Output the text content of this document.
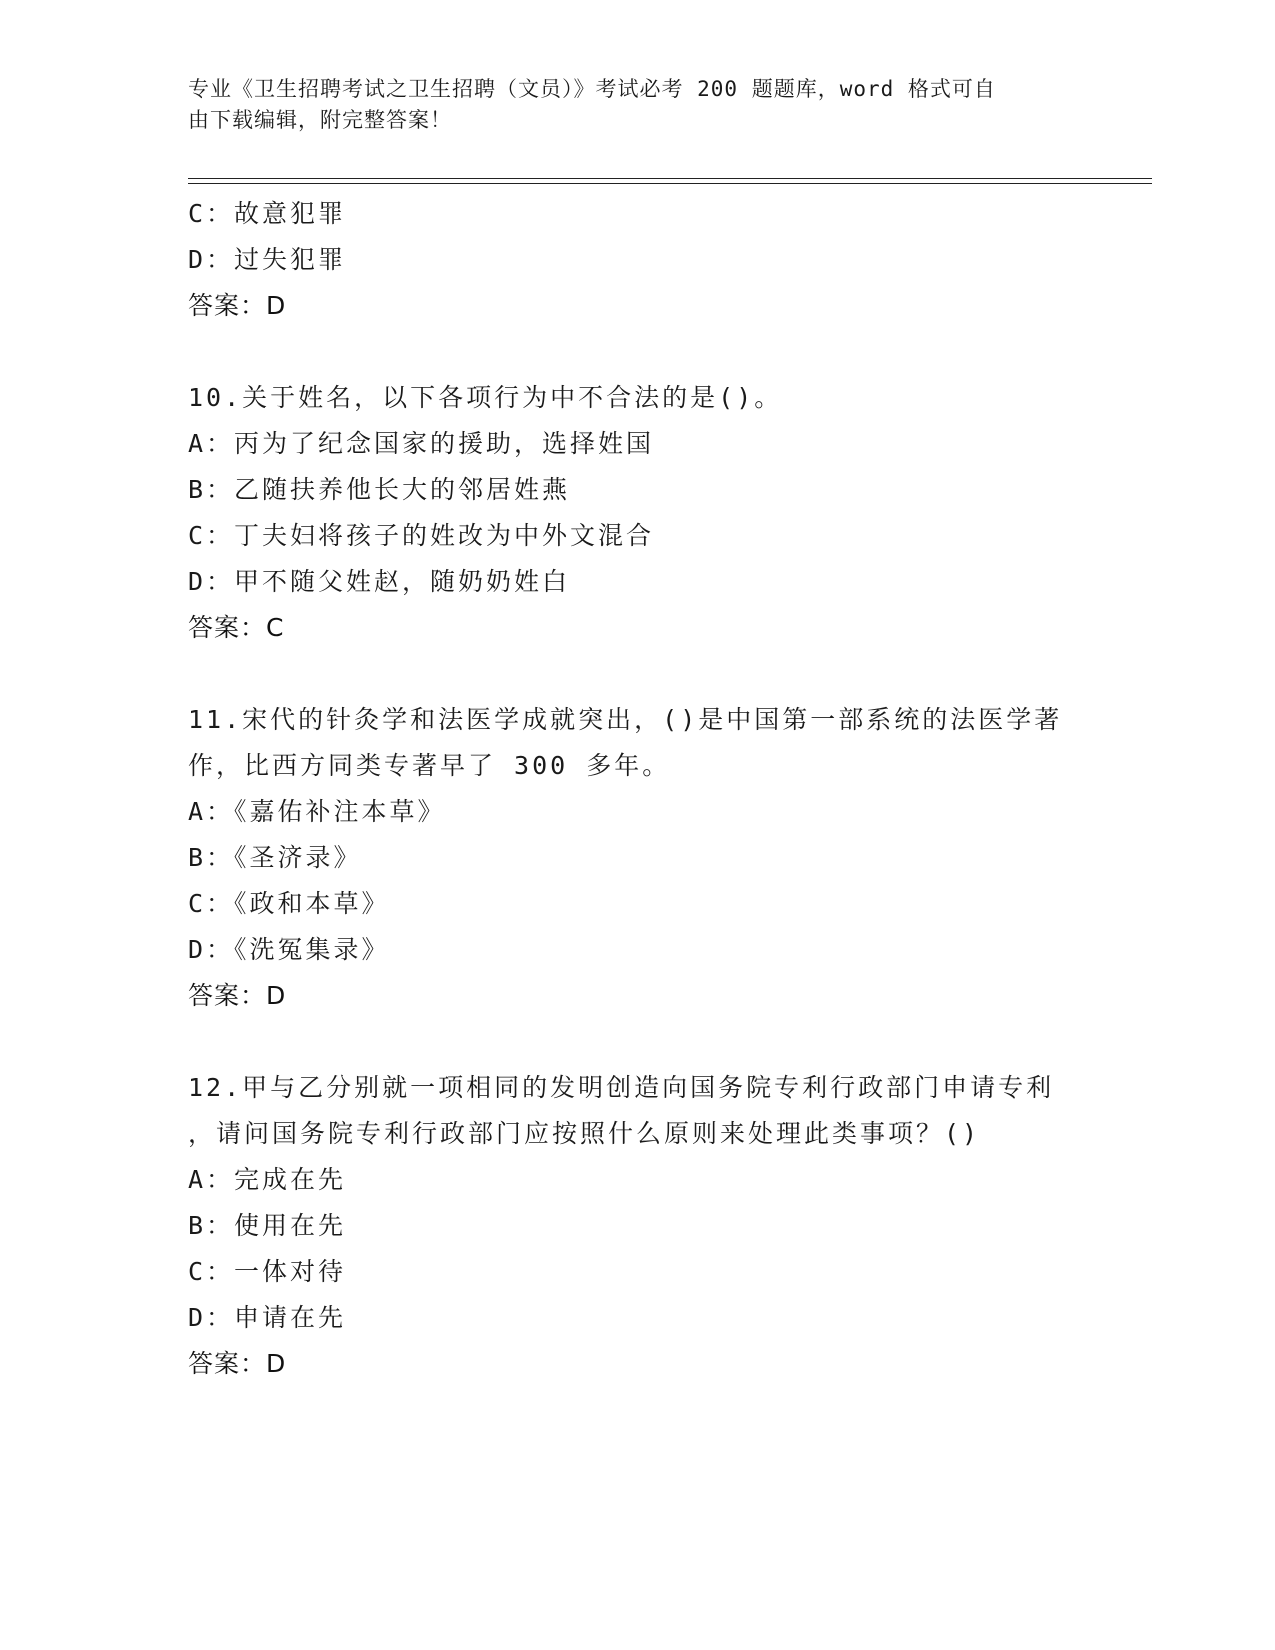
专业《卫生招聘考试之卫生招聘（文员）》考试必考 200 题题库，word 格式可自
由下载编辑，附完整答案！
C：故意犯罪
D：过失犯罪
答案：D
10.关于姓名，以下各项行为中不合法的是()。
A：丙为了纪念国家的援助，选择姓国
B：乙随扶养他长大的邻居姓燕
C：丁夫妇将孩子的姓改为中外文混合
D：甲不随父姓赵，随奶奶姓白
答案：C
11.宋代的针灸学和法医学成就突出，()是中国第一部系统的法医学著
作，比西方同类专著早了 300 多年。
A：《嘉佑补注本草》
B：《圣济录》
C：《政和本草》
D：《洗冤集录》
答案：D
12.甲与乙分别就一项相同的发明创造向国务院专利行政部门申请专利
，请问国务院专利行政部门应按照什么原则来处理此类事项？()
A：完成在先
B：使用在先
C：一体对待
D：申请在先
答案：D
